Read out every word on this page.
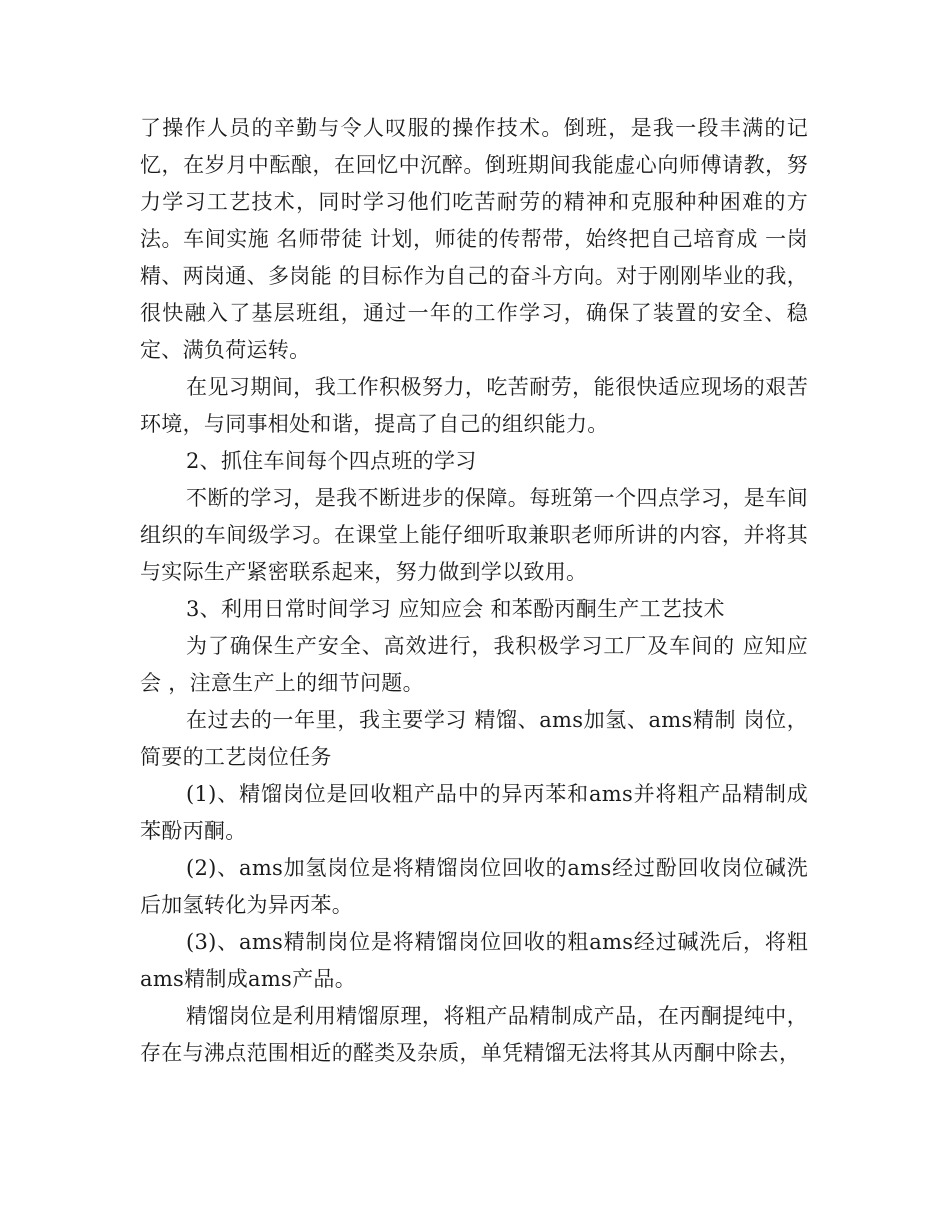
了操作人员的辛勤与令人叹服的操作技术。倒班，是我一段丰满的记忆，在岁月中酝酿，在回忆中沉醉。倒班期间我能虚心向师傅请教，努力学习工艺技术，同时学习他们吃苦耐劳的精神和克服种种困难的方法。车间实施 名师带徒 计划，师徒的传帮带，始终把自己培育成 一岗精、两岗通、多岗能 的目标作为自己的奋斗方向。对于刚刚毕业的我，很快融入了基层班组，通过一年的工作学习，确保了装置的安全、稳定、满负荷运转。

在见习期间，我工作积极努力，吃苦耐劳，能很快适应现场的艰苦环境，与同事相处和谐，提高了自己的组织能力。

2、抓住车间每个四点班的学习

不断的学习，是我不断进步的保障。每班第一个四点学习，是车间组织的车间级学习。在课堂上能仔细听取兼职老师所讲的内容，并将其与实际生产紧密联系起来，努力做到学以致用。

3、利用日常时间学习 应知应会 和苯酚丙酮生产工艺技术

为了确保生产安全、高效进行，我积极学习工厂及车间的 应知应会 ，注意生产上的细节问题。

在过去的一年里，我主要学习 精馏、ams加氢、ams精制 岗位，简要的工艺岗位任务

(1)、精馏岗位是回收粗产品中的异丙苯和ams并将粗产品精制成苯酚丙酮。

(2)、ams加氢岗位是将精馏岗位回收的ams经过酚回收岗位碱洗后加氢转化为异丙苯。

(3)、ams精制岗位是将精馏岗位回收的粗ams经过碱洗后，将粗ams精制成ams产品。

精馏岗位是利用精馏原理，将粗产品精制成产品，在丙酮提纯中，存在与沸点范围相近的醛类及杂质，单凭精馏无法将其从丙酮中除去，
